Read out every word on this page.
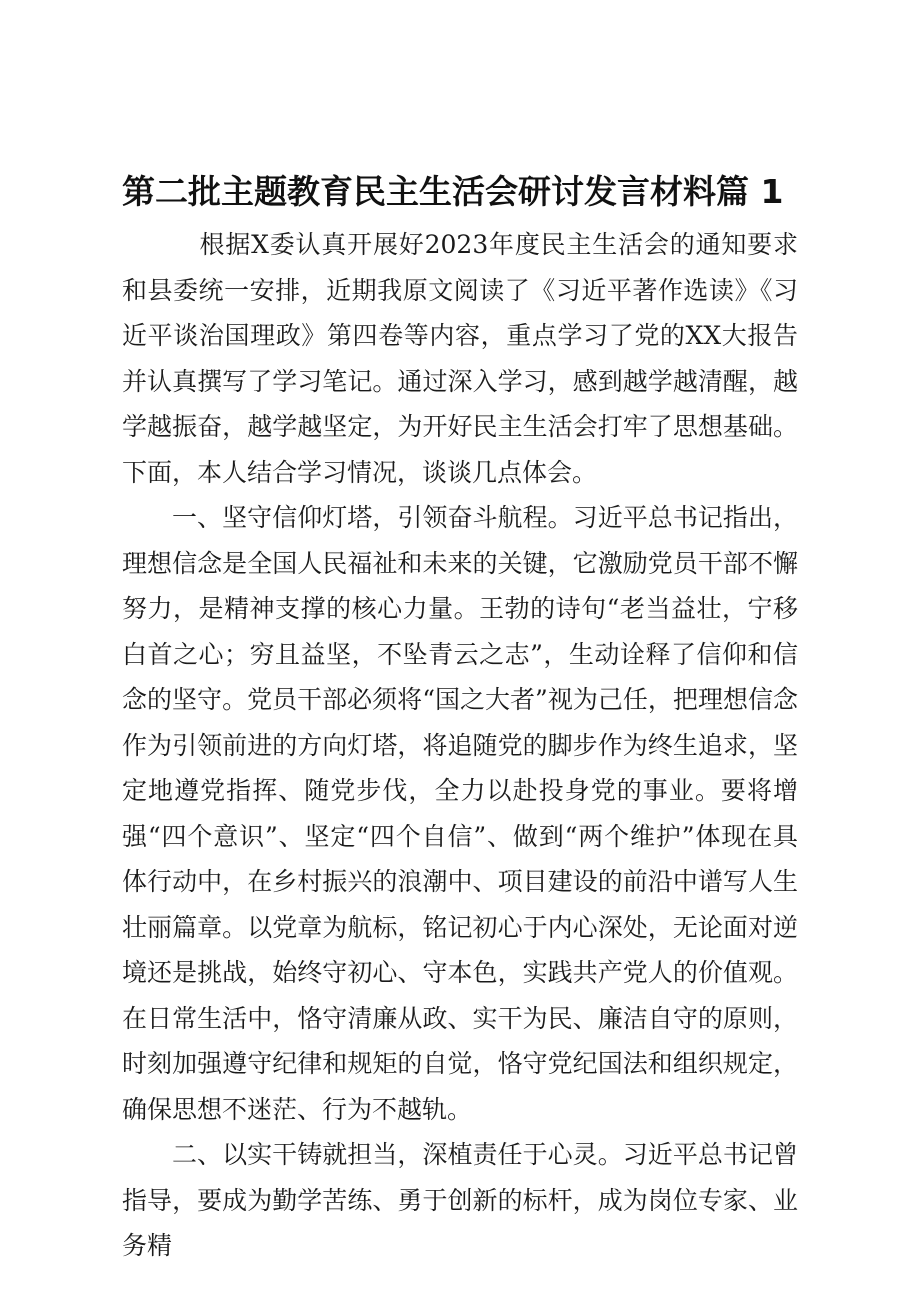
第二批主题教育民主生活会研讨发言材料篇 1

根据X委认真开展好2023年度民主生活会的通知要求和县委统一安排，近期我原文阅读了《习近平著作选读》《习近平谈治国理政》第四卷等内容，重点学习了党的XX大报告并认真撰写了学习笔记。通过深入学习，感到越学越清醒，越学越振奋，越学越坚定，为开好民主生活会打牢了思想基础。下面，本人结合学习情况，谈谈几点体会。

一、坚守信仰灯塔，引领奋斗航程。习近平总书记指出，理想信念是全国人民福祉和未来的关键，它激励党员干部不懈努力，是精神支撑的核心力量。王勃的诗句“老当益壮，宁移白首之心；穷且益坚，不坠青云之志”，生动诠释了信仰和信念的坚守。党员干部必须将“国之大者”视为己任，把理想信念作为引领前进的方向灯塔，将追随党的脚步作为终生追求，坚定地遵党指挥、随党步伐，全力以赴投身党的事业。要将增强“四个意识”、坚定“四个自信”、做到“两个维护”体现在具体行动中，在乡村振兴的浪潮中、项目建设的前沿中谱写人生壮丽篇章。以党章为航标，铭记初心于内心深处，无论面对逆境还是挑战，始终守初心、守本色，实践共产党人的价值观。在日常生活中，恪守清廉从政、实干为民、廉洁自守的原则，时刻加强遵守纪律和规矩的自觉，恪守党纪国法和组织规定，确保思想不迷茫、行为不越轨。

二、以实干铸就担当，深植责任于心灵。习近平总书记曾指导，要成为勤学苦练、勇于创新的标杆，成为岗位专家、业务精
